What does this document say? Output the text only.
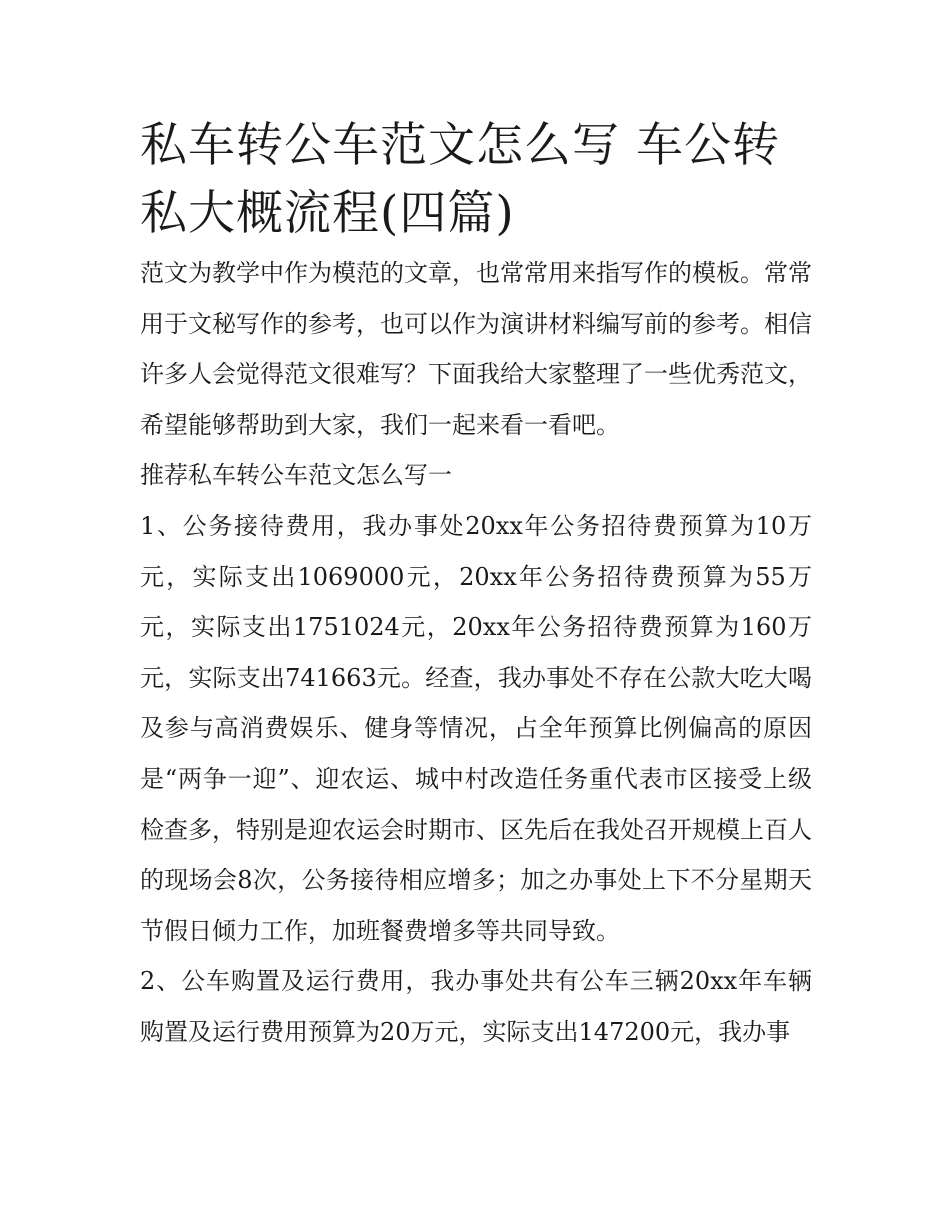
私车转公车范文怎么写 车公转私大概流程(四篇)

范文为教学中作为模范的文章，也常常用来指写作的模板。常常用于文秘写作的参考，也可以作为演讲材料编写前的参考。相信许多人会觉得范文很难写？下面我给大家整理了一些优秀范文，希望能够帮助到大家，我们一起来看一看吧。

推荐私车转公车范文怎么写一

1、公务接待费用，我办事处20xx年公务招待费预算为10万元，实际支出1069000元，20xx年公务招待费预算为55万元，实际支出1751024元，20xx年公务招待费预算为160万元，实际支出741663元。经查，我办事处不存在公款大吃大喝及参与高消费娱乐、健身等情况，占全年预算比例偏高的原因是“两争一迎”、迎农运、城中村改造任务重代表市区接受上级检查多，特别是迎农运会时期市、区先后在我处召开规模上百人的现场会8次，公务接待相应增多；加之办事处上下不分星期天节假日倾力工作，加班餐费增多等共同导致。

2、公车购置及运行费用，我办事处共有公车三辆20xx年车辆购置及运行费用预算为20万元，实际支出147200元，我办事
